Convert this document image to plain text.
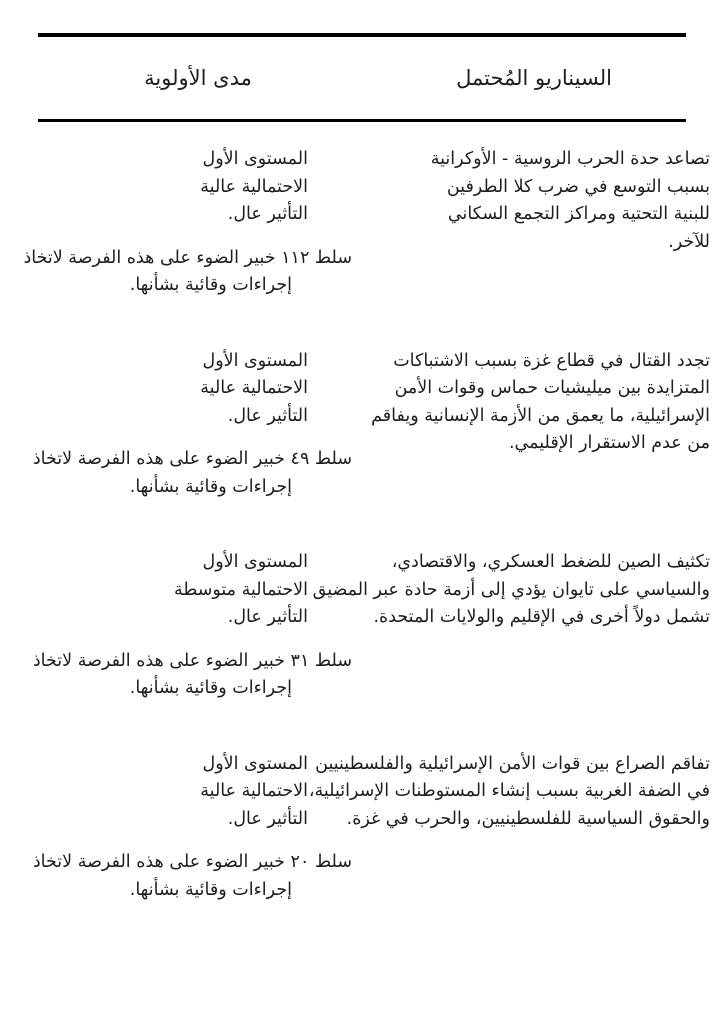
السيناريو المُحتمل
مدى الأولوية
تصاعد حدة الحرب الروسية - الأوكرانية
بسبب التوسع في ضرب كلا الطرفين
للبنية التحتية ومراكز التجمع السكاني
للآخر.
المستوى الأول
الاحتمالية عالية
التأثير عال.
سلط ١١٢ خبير الضوء على هذه الفرصة لاتخاذ
إجراءات وقائية بشأنها.
تجدد القتال في قطاع غزة بسبب الاشتباكات
المتزايدة بين ميليشيات حماس وقوات الأمن
الإسرائيلية، ما يعمق من الأزمة الإنسانية ويفاقم
من عدم الاستقرار الإقليمي.
المستوى الأول
الاحتمالية عالية
التأثير عال.
سلط ٤٩ خبير الضوء على هذه الفرصة لاتخاذ
إجراءات وقائية بشأنها.
تكثيف الصين للضغط العسكري، والاقتصادي،
والسياسي على تايوان يؤدي إلى أزمة حادة عبر المضيق
تشمل دولاً أخرى في الإقليم والولايات المتحدة.
المستوى الأول
الاحتمالية متوسطة
التأثير عال.
سلط ٣١ خبير الضوء على هذه الفرصة لاتخاذ
إجراءات وقائية بشأنها.
تفاقم الصراع بين قوات الأمن الإسرائيلية والفلسطينيين
في الضفة الغربية بسبب إنشاء المستوطنات الإسرائيلية،
والحقوق السياسية للفلسطينيين، والحرب في غزة.
المستوى الأول
الاحتمالية عالية
التأثير عال.
سلط ٢٠ خبير الضوء على هذه الفرصة لاتخاذ
إجراءات وقائية بشأنها.
